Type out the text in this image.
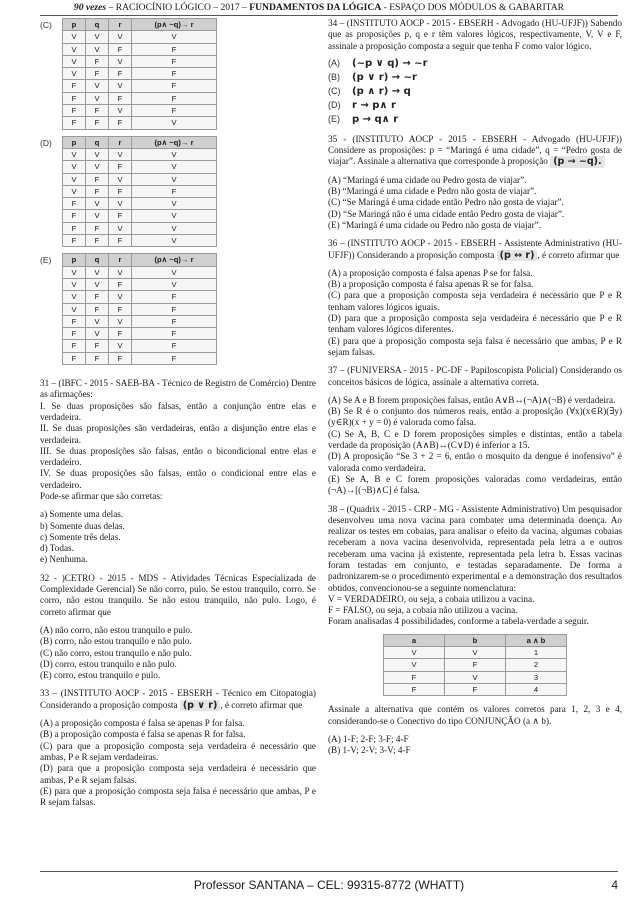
90 vezes – RACIOCÍNIO LÓGICO – 2017 – FUNDAMENTOS DA LÓGICA - ESPAÇO DOS MÓDULOS & GABARITAR
(C)	p	q	r	(p∧ ~q)→ r
V	V	V	V
V	V	F	F
V	F	V	F
V	F	F	F
F	V	V	F
F	V	F	F
F	F	V	F
F	F	F	V
(D)	p	q	r	(p∧ ~q)→ r
V	V	V	V
V	V	F	V
V	F	V	V
V	F	F	F
F	V	V	V
F	V	F	V
F	F	V	V
F	F	F	V
(E)	p	q	r	(p∧ ~q)→ r
V	V	V	V
V	V	F	V
V	F	V	F
V	F	F	F
F	V	V	F
F	V	F	F
F	F	V	F
F	F	F	F

31 – (IBFC - 2015 - SAEB-BA - Técnico de Registro de Comércio) Dentre as afirmações:

I. Se duas proposições são falsas, então a conjunção entre elas e verdadeira.

II. Se duas proposições são verdadeiras, então a disjunção entre elas e verdadeira.

III. Se duas proposições são falsas, então o bicondicional entre elas e verdadeiro.

IV. Se duas proposições são falsas, então o condicional entre elas e verdadeiro.

Pode-se afirmar que são corretas:

a) Somente uma delas.

b) Somente duas delas.

c) Somente três delas.

d) Todas.

e) Nenhuma.

32 - )CETRO - 2015 - MDS - Atividades Técnicas Especializada de Complexidade Gerencial) Se não corro, pulo. Se estou tranquilo, corro. Se corro, não estou tranquilo. Se não estou tranquilo, não pulo. Logo, é correto afirmar que

(A) não corro, não estou tranquilo e pulo.

(B) corro, não estou tranquilo e não pulo.

(C) não corro, estou tranquilo e não pulo.

(D) corro, estou tranquilo e não pulo.

(E) corro, estou tranquilo e pulo.

33 – (INSTITUTO AOCP - 2015 - EBSERH - Técnico em Citopatogia) Considerando a proposição composta (p ∨ r) , é correto afirmar que

(A) a proposição composta é falsa se apenas P for falsa.

(B) a proposição composta é falsa se apenas R for falsa.

(C) para que a proposição composta seja verdadeira é necessário que ambas, P e R sejam verdadeiras.

(D) para que a proposição composta seja verdadeira é necessário que ambas, P e R sejam falsas.

(E) para que a proposição composta seja falsa é necessário que ambas, P e R sejam falsas.

34 – (INSTITUTO AOCP - 2015 - EBSERH - Advogado (HU-UFJF)) Sabendo que as proposições p, q e r têm valores lógicos, respectivamente, V, V e F, assinale a proposição composta a seguir que tenha F como valor lógico.

(A)	(~p ∨ q) → ~r
(B)	(p ∨ r) → ~r
(C)	(p ∧ r) → q
(D)	r → p∧ r
(E)	p → q∧ r

35 - (INSTITUTO AOCP - 2015 - EBSERH - Advogado (HU-UFJF)) Considere as proposições: p = “Maringá é uma cidade”, q = “Pedro gosta de viajar”. Assinale a alternativa que corresponde à proposição (p → ~q).

(A) “Maringá é uma cidade ou Pedro gosta de viajar”.

(B) “Maringá é uma cidade e Pedro não gosta de viajar”.

(C) “Se Maringá é uma cidade então Pedro não gosta de viajar”.

(D) “Se Maringá não é uma cidade então Pedro gosta de viajar”.

(E) “Maringá é uma cidade ou Pedro não gosta de viajar”.

36 – (INSTITUTO AOCP - 2015 - EBSERH - Assistente Administrativo (HU-UFJF)) Considerando a proposição composta (p ↔ r) , é correto afirmar que

(A) a proposição composta é falsa apenas P se for falsa.

(B) a proposição composta é falsa apenas R se for falsa.

(C) para que a proposição composta seja verdadeira é necessário que P e R tenham valores lógicos iguais.

(D) para que a proposição composta seja verdadeira é necessário que P e R tenham valores lógicos diferentes.

(E) para que a proposição composta seja falsa é necessário que ambas, P e R sejam falsas.

37 – (FUNIVERSA - 2015 - PC-DF - Papiloscopista Policial) Considerando os conceitos básicos de lógica, assinale a alternativa correta.

(A) Se A e B forem proposições falsas, então A∨B↔(¬A)∧(¬B) é verdadeira.

(B) Se R é o conjunto dos números reais, então a proposição (∀x)(x∈R)(∃y)(y∈R)(x + y = 0) é valorada como falsa.

(C) Se A, B, C e D forem proposições simples e distintas, então a tabela verdade da proposição (A∧B)↔(C∨D) é inferior a 15.

(D) A proposição “Se 3 + 2 = 6, então o mosquito da dengue é inofensivo” é valorada como verdadeira.

(E) Se A, B e C forem proposições valoradas como verdadeiras, então (¬A)→[(¬B)∧C] é falsa.

38 – (Quadrix - 2015 - CRP - MG - Assistente Administrativo) Um pesquisador desenvolveu uma nova vacina para combater uma determinada doença. Ao realizar os testes em cobaias, para analisar o efeito da vacina, algumas cobaias receberam a nova vacina desenvolvida, representada pela letra a e outros receberam uma vacina já existente, representada pela letra b. Essas vacinas foram testadas em conjunto, e testadas separadamente. De forma a padronizarem-se o procedimento experimental e a demonstração dos resultados obtidos, convencionou-se a seguinte nomenclatura:

V = VERDADEIRO, ou seja, a cobaia utilizou a vacina.

F = FALSO, ou seja, a cobaia não utilizou a vacina.

Foram analisadas 4 possibilidades, conforme a tabela-verdade a seguir.

a	b	a ∧ b
V	V	1
V	F	2
F	V	3
F	F	4

Assinale a alternativa que contém os valores corretos para 1, 2, 3 e 4, considerando-se o Conectivo do tipo CONJUNÇÃO (a ∧ b).

(A) 1-F; 2-F; 3-F; 4-F

(B) 1-V; 2-V; 3-V; 4-F

Professor SANTANA – CEL: 99315-8772 (WHATT)	4
